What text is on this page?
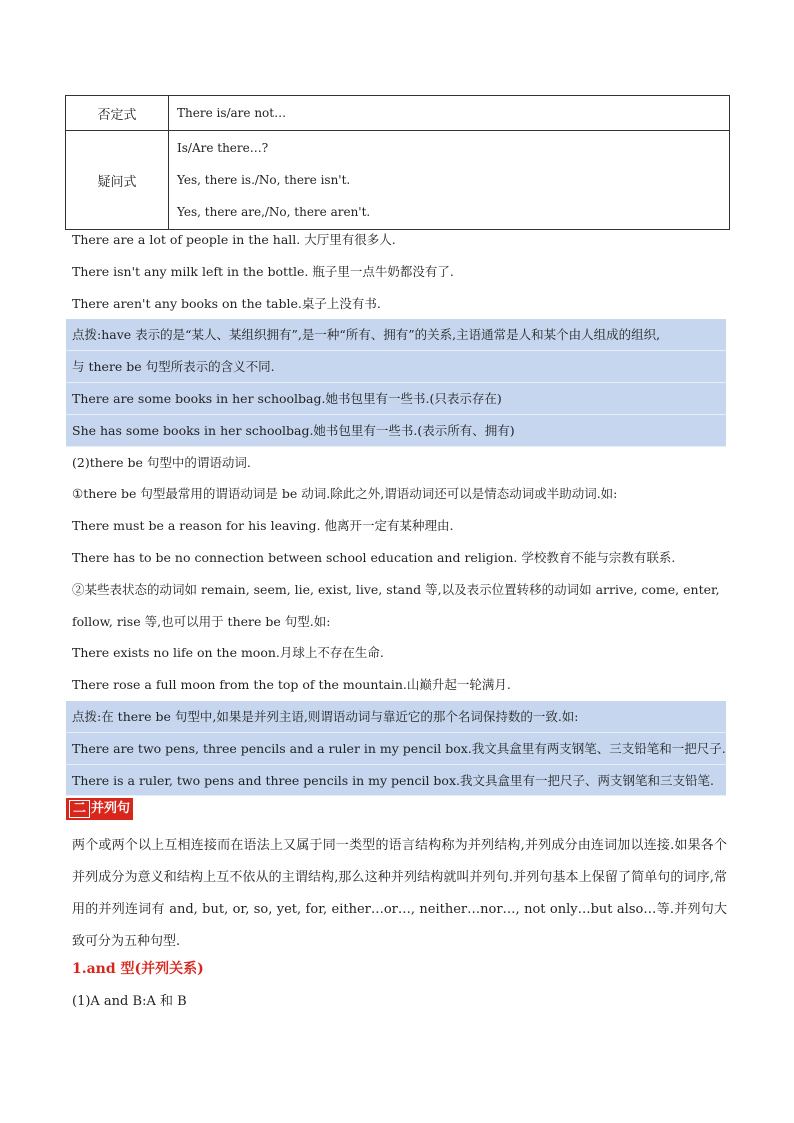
否定式	There is/are not…

疑问式	Is/Are there…?
Yes, there is./No, there isn't.
Yes, there are,/No, there aren't.
There are a lot of people in the hall. 大厅里有很多人.
There isn't any milk left in the bottle. 瓶子里一点牛奶都没有了.
There aren't any books on the table.桌子上没有书.
点拨:have 表示的是“某人、某组织拥有”,是一种“所有、拥有”的关系,主语通常是人和某个由人组成的组织,
与 there be 句型所表示的含义不同.
There are some books in her schoolbag.她书包里有一些书.(只表示存在)
She has some books in her schoolbag.她书包里有一些书.(表示所有、拥有)
(2)there be 句型中的谓语动词.
①there be 句型最常用的谓语动词是 be 动词.除此之外,谓语动词还可以是情态动词或半助动词.如:
There must be a reason for his leaving. 他离开一定有某种理由.
There has to be no connection between school education and religion. 学校教育不能与宗教有联系.
②某些表状态的动词如 remain, seem, lie, exist, live, stand 等,以及表示位置转移的动词如 arrive, come, enter,
follow, rise 等,也可以用于 there be 句型.如:
There exists no life on the moon.月球上不存在生命.
There rose a full moon from the top of the mountain.山巅升起一轮满月.
点拨:在 there be 句型中,如果是并列主语,则谓语动词与靠近它的那个名词保持数的一致.如:
There are two pens, three pencils and a ruler in my pencil box.我文具盒里有两支钢笔、三支铅笔和一把尺子.
There is a ruler, two pens and three pencils in my pencil box.我文具盒里有一把尺子、两支钢笔和三支铅笔.
二 并列句
两个或两个以上互相连接而在语法上又属于同一类型的语言结构称为并列结构,并列成分由连词加以连接.如果各个并列成分为意义和结构上互不依从的主谓结构,那么这种并列结构就叫并列句.并列句基本上保留了简单句的词序,常用的并列连词有 and, but, or, so, yet, for, either…or…, neither…nor…, not only…but also…等.并列句大致可分为五种句型.
1.and 型(并列关系)
(1)A and B:A 和 B
